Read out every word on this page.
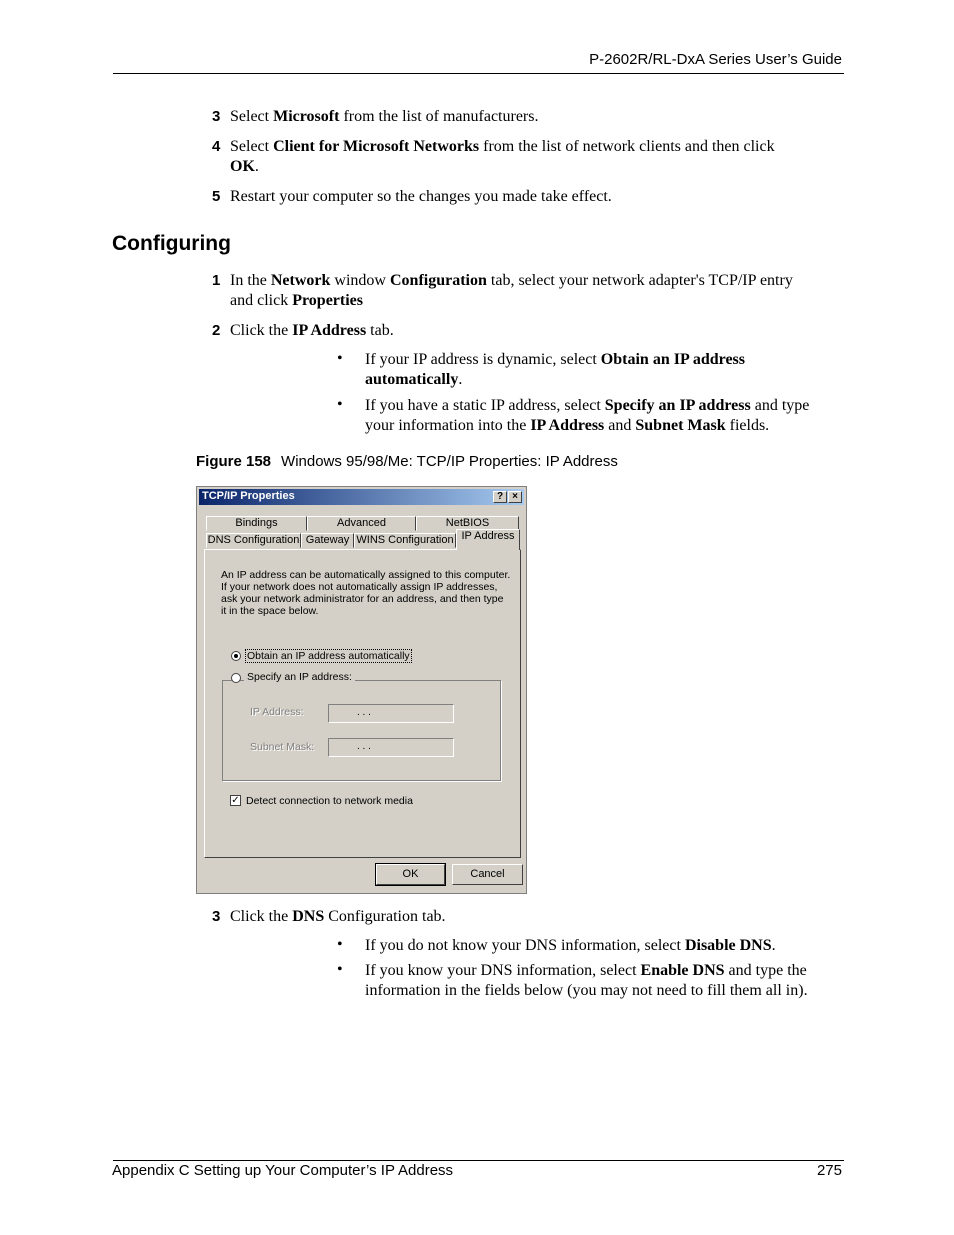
P-2602R/RL-DxA Series User’s Guide
3 Select Microsoft from the list of manufacturers.
4 Select Client for Microsoft Networks from the list of network clients and then click
OK.
5 Restart your computer so the changes you made take effect.
Configuring
1 In the Network window Configuration tab, select your network adapter's TCP/IP entry
and click Properties
2 Click the IP Address tab.
• If your IP address is dynamic, select Obtain an IP address
automatically.
• If you have a static IP address, select Specify an IP address and type
your information into the IP Address and Subnet Mask fields.
Figure 158 Windows 95/98/Me: TCP/IP Properties: IP Address
TCP/IP Properties	? ×
Bindings	Advanced	NetBIOS
DNS Configuration Gateway WINS Configuration IP Address
An IP address can be automatically assigned to this computer. If your network does not automatically assign IP addresses, ask your network administrator for an address, and then type it in the space below.
Obtain an IP address automatically
IP Address:	. . .
Subnet Mask:	. . .
Specify an IP address:
✓ Detect connection to network media
OK	Cancel
3 Click the DNS Configuration tab.
• If you do not know your DNS information, select Disable DNS.
• If you know your DNS information, select Enable DNS and type the
information in the fields below (you may not need to fill them all in).
Appendix C Setting up Your Computer’s IP Address	275
